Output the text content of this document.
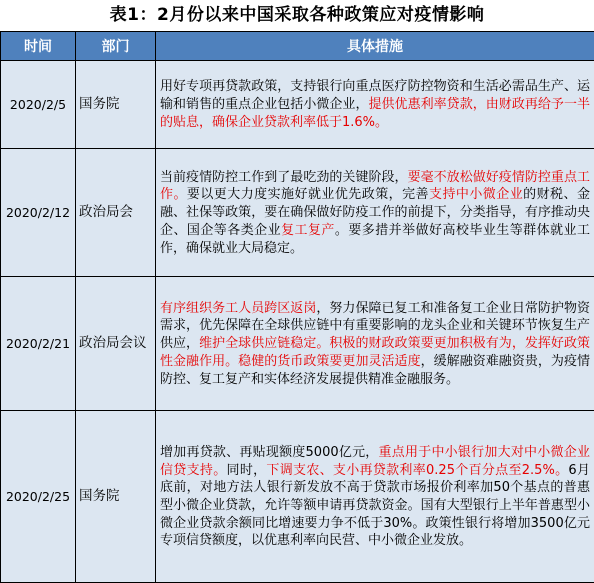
表1：2月份以来中国采取各种政策应对疫情影响
时间	部门	具体措施
2020/2/5	国务院	用好专项再贷款政策，支持银行向重点医疗防控物资和生活必需品生产、运输和销售的重点企业包括小微企业，提供优惠利率贷款，由财政再给予一半的贴息，确保企业贷款利率低于1.6%。
2020/2/12	政治局会	当前疫情防控工作到了最吃劲的关键阶段，要毫不放松做好疫情防控重点工作。要以更大力度实施好就业优先政策，完善支持中小微企业的财税、金融、社保等政策，要在确保做好防疫工作的前提下，分类指导，有序推动央企、国企等各类企业复工复产。要多措并举做好高校毕业生等群体就业工作，确保就业大局稳定。
2020/2/21	政治局会议	有序组织务工人员跨区返岗，努力保障已复工和准备复工企业日常防护物资需求，优先保障在全球供应链中有重要影响的龙头企业和关键环节恢复生产供应，维护全球供应链稳定。积极的财政政策要更加积极有为，发挥好政策性金融作用。稳健的货币政策要更加灵活适度，缓解融资难融资贵，为疫情防控、复工复产和实体经济发展提供精准金融服务。
2020/2/25	国务院	增加再贷款、再贴现额度5000亿元，重点用于中小银行加大对中小微企业信贷支持。同时，下调支农、支小再贷款利率0.25个百分点至2.5%。6月底前，对地方法人银行新发放不高于贷款市场报价利率加50个基点的普惠型小微企业贷款，允许等额申请再贷款资金。国有大型银行上半年普惠型小微企业贷款余额同比增速要力争不低于30%。政策性银行将增加3500亿元专项信贷额度，以优惠利率向民营、中小微企业发放。
